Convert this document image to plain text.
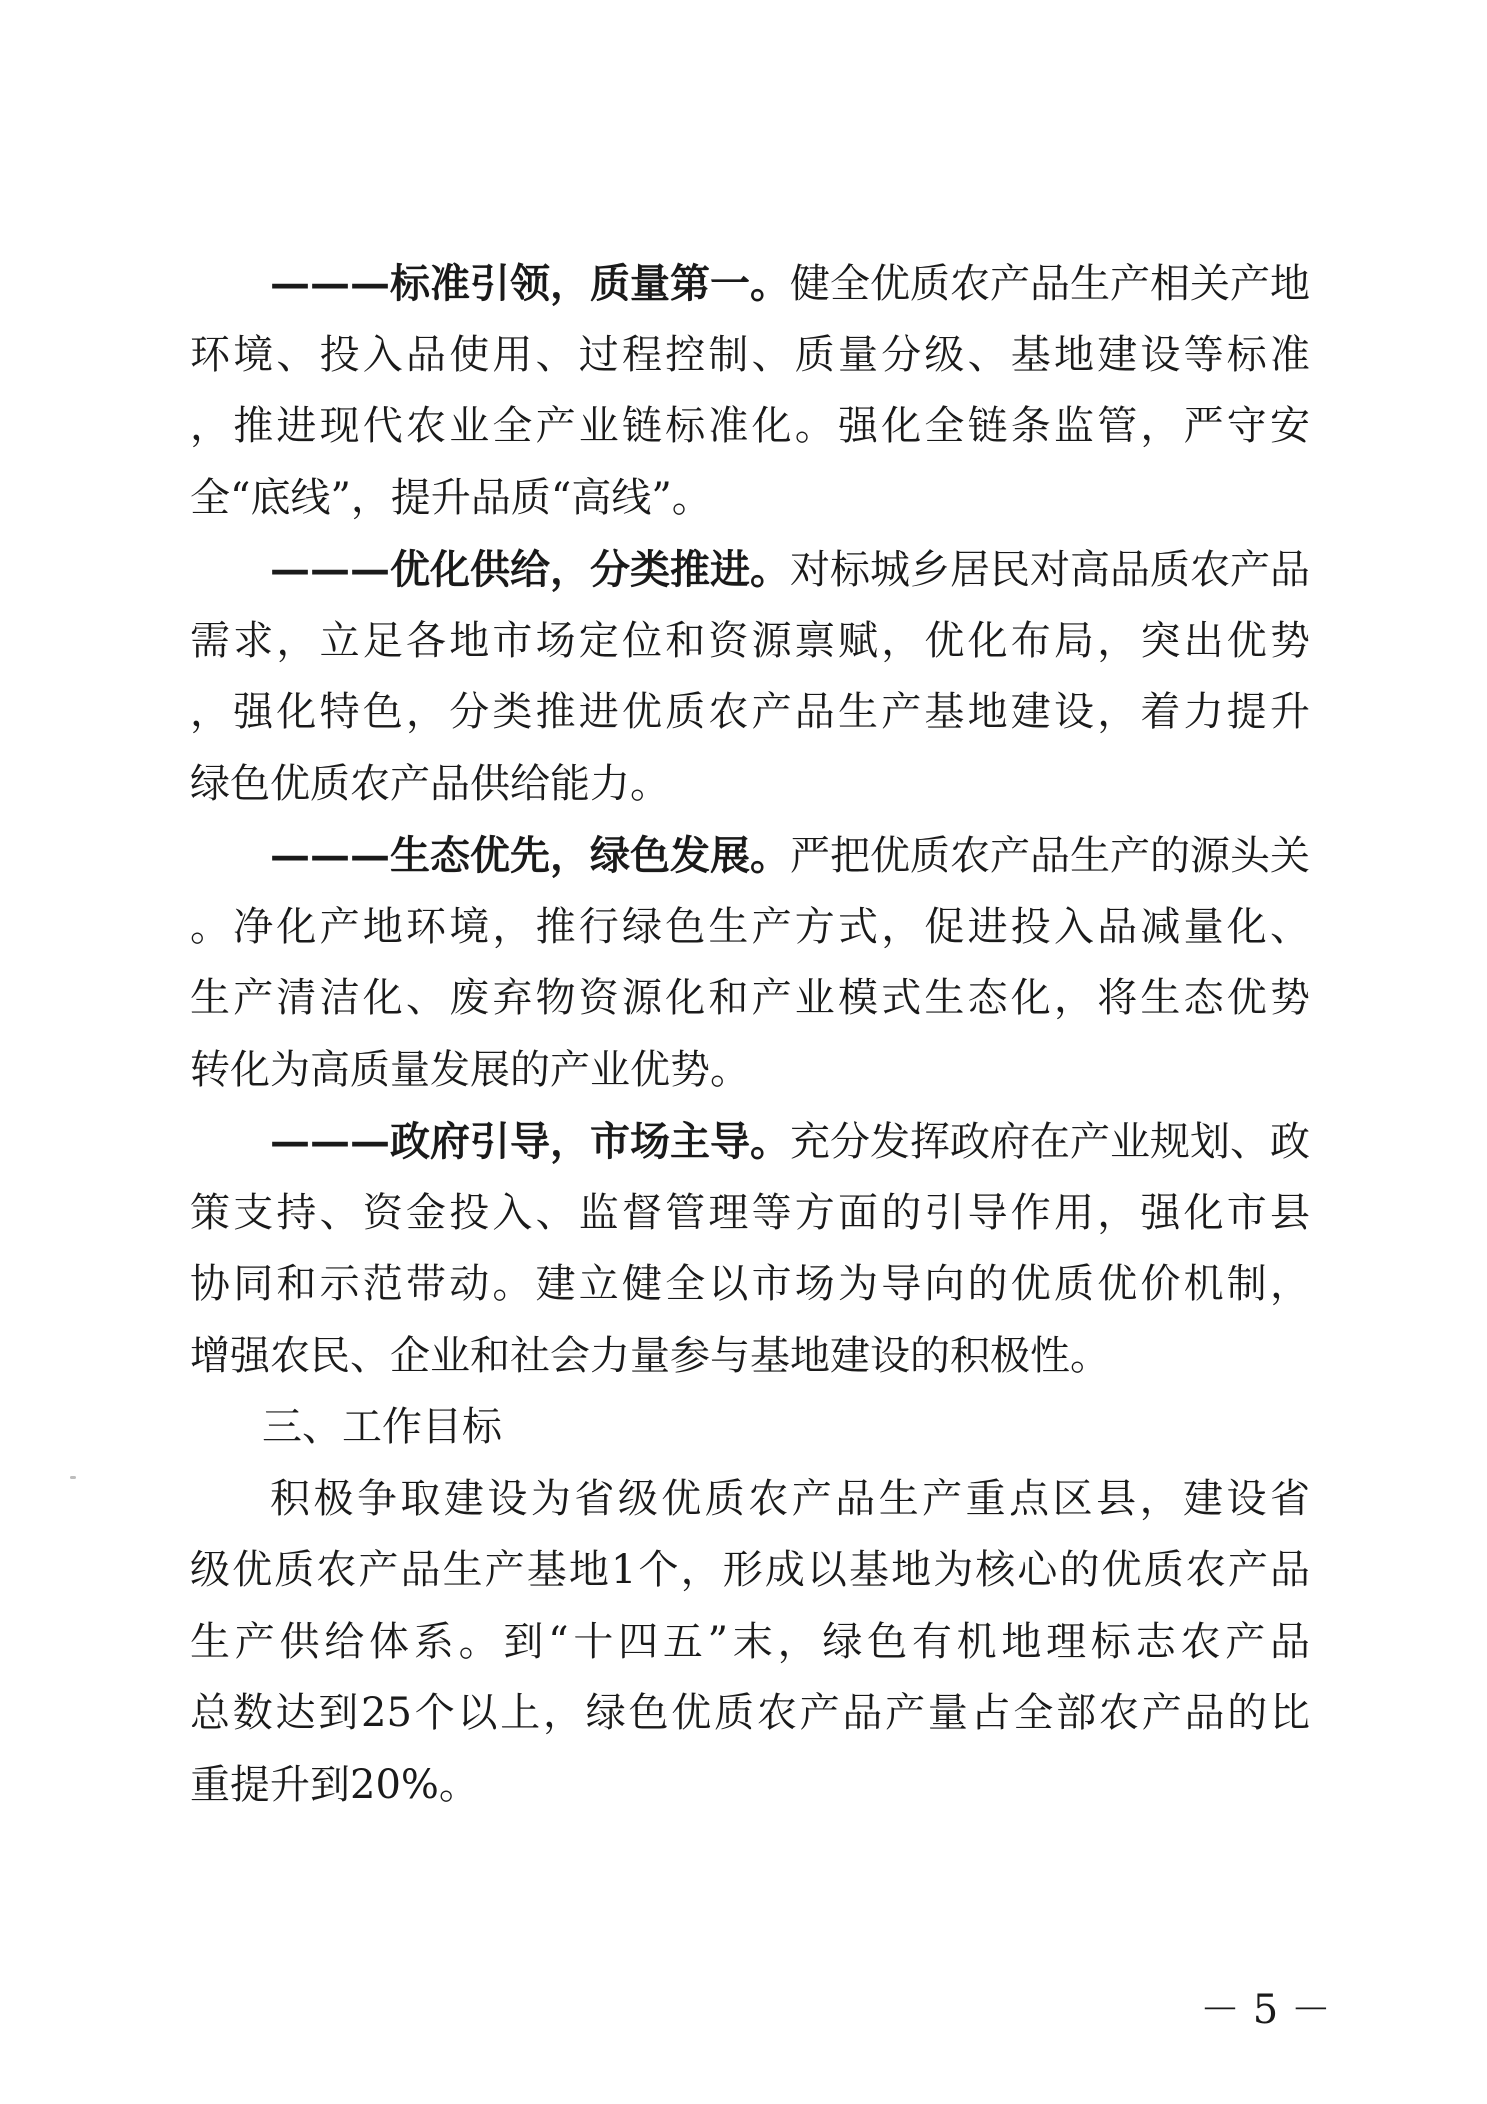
———标准引领，质量第一。健全优质农产品生产相关产地
环境、投入品使用、过程控制、质量分级、基地建设等标准
，推进现代农业全产业链标准化。强化全链条监管，严守安
全“底线”，提升品质“高线”。
———优化供给，分类推进。对标城乡居民对高品质农产品
需求，立足各地市场定位和资源禀赋，优化布局，突出优势
，强化特色，分类推进优质农产品生产基地建设，着力提升
绿色优质农产品供给能力。
———生态优先，绿色发展。严把优质农产品生产的源头关
。净化产地环境，推行绿色生产方式，促进投入品减量化、
生产清洁化、废弃物资源化和产业模式生态化，将生态优势
转化为高质量发展的产业优势。
———政府引导，市场主导。充分发挥政府在产业规划、政
策支持、资金投入、监督管理等方面的引导作用，强化市县
协同和示范带动。建立健全以市场为导向的优质优价机制，
增强农民、企业和社会力量参与基地建设的积极性。
三、工作目标
积极争取建设为省级优质农产品生产重点区县，建设省
级优质农产品生产基地1个，形成以基地为核心的优质农产品
生产供给体系。到“十四五”末，绿色有机地理标志农产品
总数达到25个以上，绿色优质农产品产量占全部农产品的比
重提升到20%。
－ 5 －
